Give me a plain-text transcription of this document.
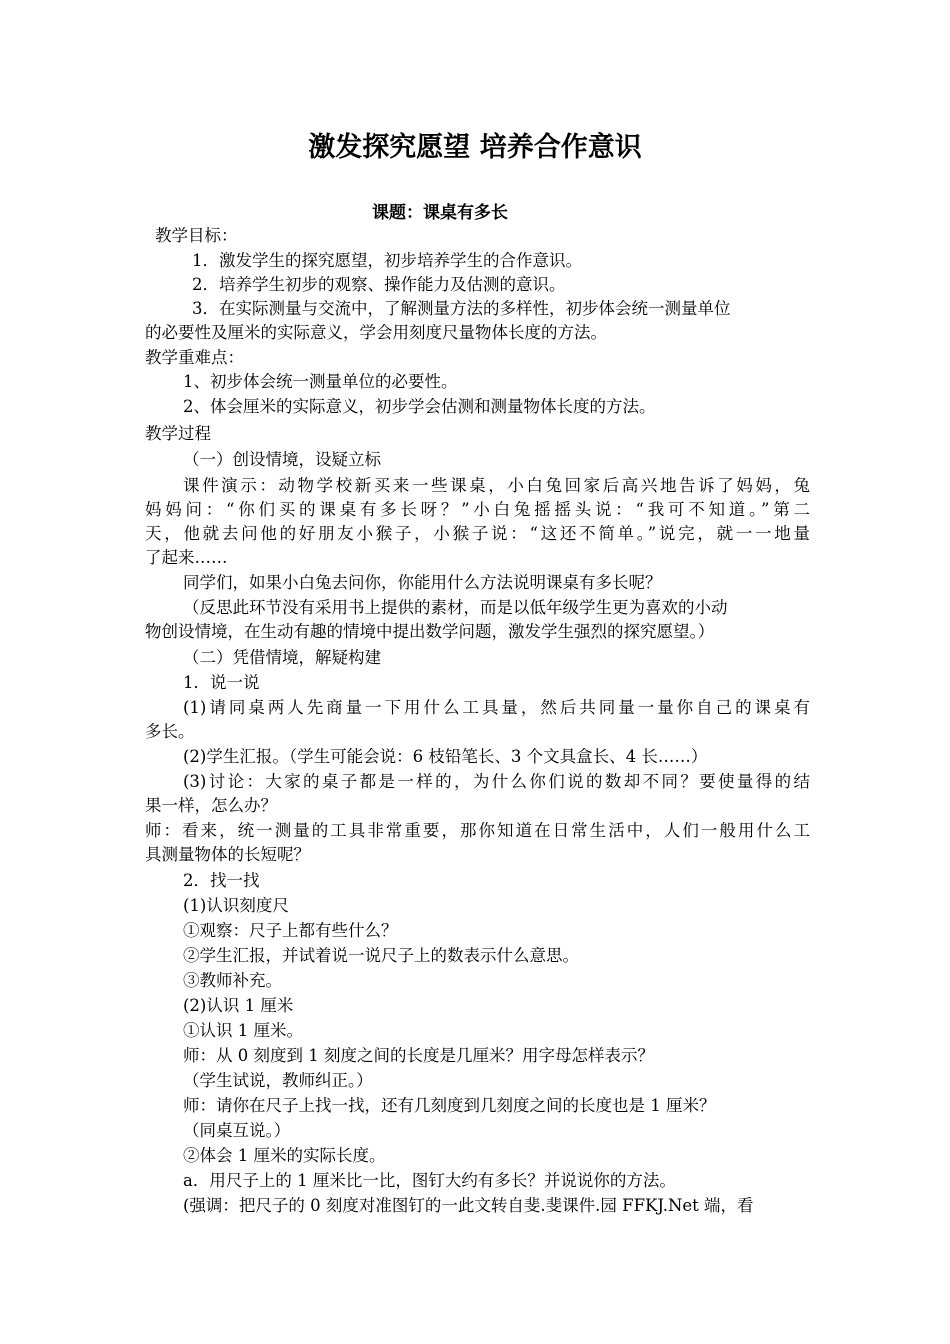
激发探究愿望 培养合作意识
课题：课桌有多长
教学目标：
1．激发学生的探究愿望，初步培养学生的合作意识。
2．培养学生初步的观察、操作能力及估测的意识。
3．在实际测量与交流中，了解测量方法的多样性，初步体会统一测量单位
的必要性及厘米的实际意义，学会用刻度尺量物体长度的方法。
教学重难点：
1、初步体会统一测量单位的必要性。
2、体会厘米的实际意义，初步学会估测和测量物体长度的方法。
教学过程
（一）创设情境，设疑立标
课件演示：动物学校新买来一些课桌，小白兔回家后高兴地告诉了妈妈，兔
妈妈问：“你们买的课桌有多长呀？”小白兔摇摇头说：“我可不知道。”第二
天，他就去问他的好朋友小猴子，小猴子说：“这还不简单。”说完，就一一地量
了起来……
同学们，如果小白兔去问你，你能用什么方法说明课桌有多长呢？
（反思此环节没有采用书上提供的素材，而是以低年级学生更为喜欢的小动
物创设情境，在生动有趣的情境中提出数学问题，激发学生强烈的探究愿望。）
（二）凭借情境，解疑构建
1．说一说
(1)请同桌两人先商量一下用什么工具量，然后共同量一量你自己的课桌有
多长。
(2)学生汇报。（学生可能会说：6 枝铅笔长、3 个文具盒长、4 长……）
(3)讨论：大家的桌子都是一样的，为什么你们说的数却不同？要使量得的结
果一样，怎么办？
师：看来，统一测量的工具非常重要，那你知道在日常生活中，人们一般用什么工
具测量物体的长短呢？
2．找一找
(1)认识刻度尺
①观察：尺子上都有些什么？
②学生汇报，并试着说一说尺子上的数表示什么意思。
③教师补充。
(2)认识 1 厘米
①认识 1 厘米。
师：从 0 刻度到 1 刻度之间的长度是几厘米？用字母怎样表示？
（学生试说，教师纠正。）
师：请你在尺子上找一找，还有几刻度到几刻度之间的长度也是 1 厘米？
（同桌互说。）
②体会 1 厘米的实际长度。
a．用尺子上的 1 厘米比一比，图钉大约有多长？并说说你的方法。
(强调：把尺子的 0 刻度对准图钉的一此文转自斐.斐课件.园 FFKJ.Net 端，看
